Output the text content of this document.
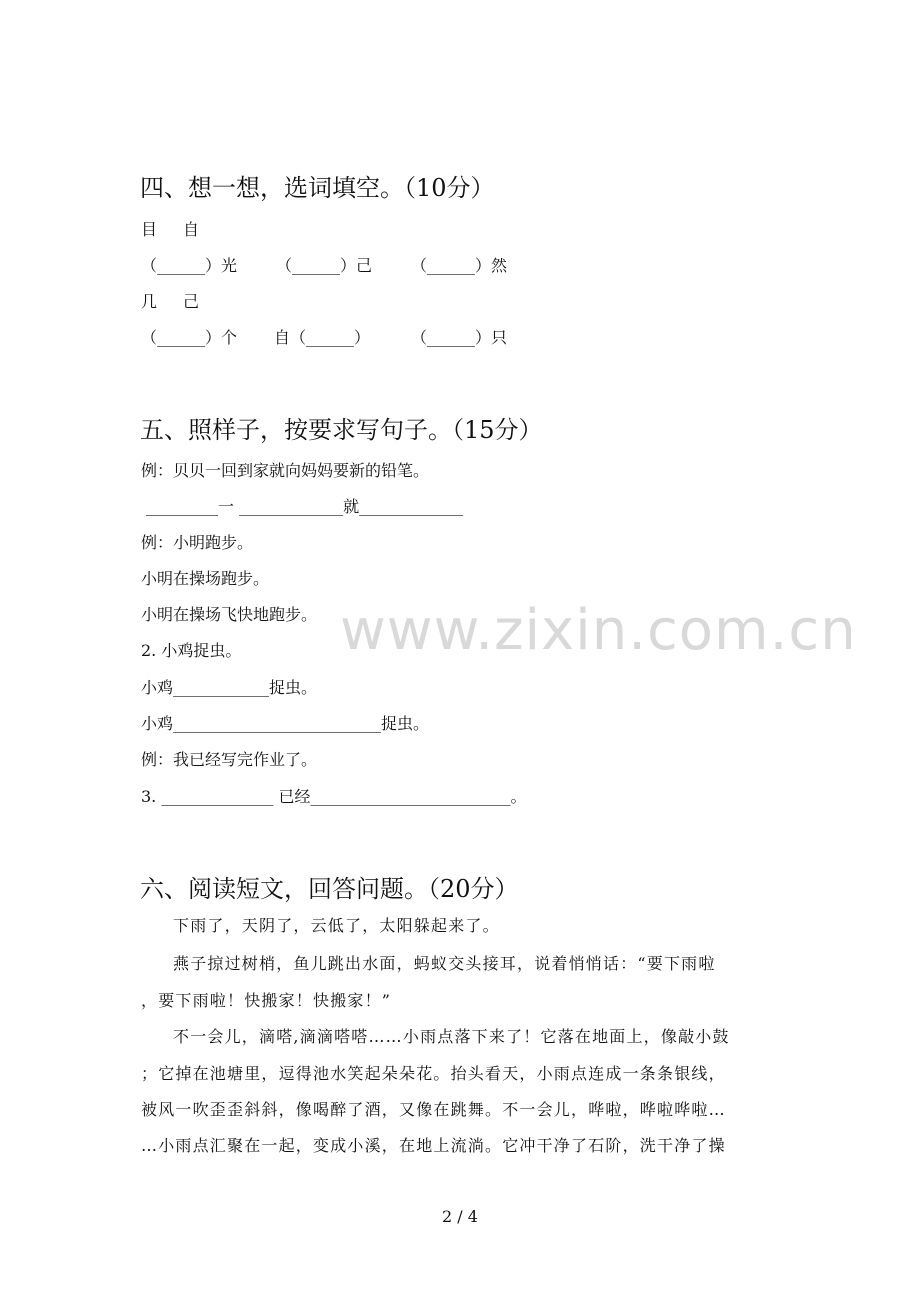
www.zixin.com.cn
四、想一想，选词填空。（10分）
目 自
（______）光 （______）己 （______）然
几 己
（______）个 自（______）	（______）只
五、照样子，按要求写句子。（15分）
例：贝贝一回到家就向妈妈要新的铅笔。
_________一 _____________就_____________
例：小明跑步。
小明在操场跑步。
小明在操场飞快地跑步。
2. 小鸡捉虫。
小鸡____________捉虫。
小鸡__________________________捉虫。
例：我已经写完作业了。
3. ______________ 已经_________________________。
六、阅读短文，回答问题。（20分）
下雨了，天阴了，云低了，太阳躲起来了。
燕子掠过树梢，鱼儿跳出水面，蚂蚁交头接耳，说着悄悄话：“要下雨啦
，要下雨啦！快搬家！快搬家！”
不一会儿，滴嗒,滴滴嗒嗒……小雨点落下来了！它落在地面上，像敲小鼓
；它掉在池塘里，逗得池水笑起朵朵花。抬头看天，小雨点连成一条条银线，
被风一吹歪歪斜斜，像喝醉了酒，又像在跳舞。不一会儿，哗啦，哗啦哗啦…
…小雨点汇聚在一起，变成小溪，在地上流淌。它冲干净了石阶，洗干净了操
2 / 4
